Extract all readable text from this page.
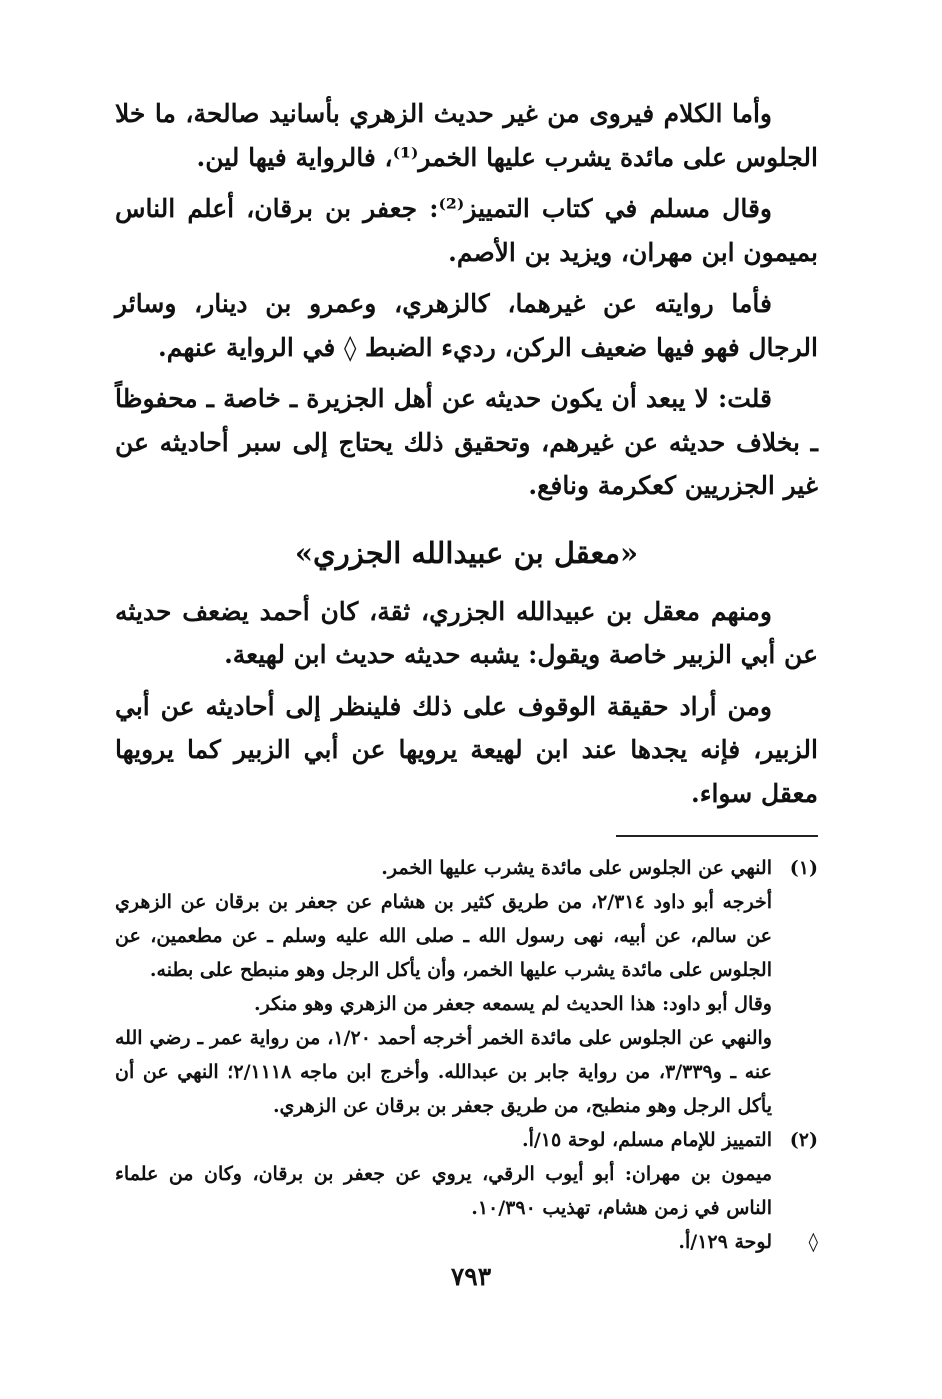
وأما الكلام فيروى من غير حديث الزهري بأسانيد صالحة، ما خلا الجلوس على مائدة يشرب عليها الخمر⁽¹⁾، فالرواية فيها لين.

وقال مسلم في كتاب التمييز⁽²⁾: جعفر بن برقان، أعلم الناس بميمون ابن مهران، ويزيد بن الأصم.

فأما روايته عن غيرهما، كالزهري، وعمرو بن دينار، وسائر الرجال فهو فيها ضعيف الركن، رديء الضبط ◊ في الرواية عنهم.

قلت: لا يبعد أن يكون حديثه عن أهل الجزيرة ـ خاصة ـ محفوظاً ـ بخلاف حديثه عن غيرهم، وتحقيق ذلك يحتاج إلى سبر أحاديثه عن غير الجزريين كعكرمة ونافع.

«معقل بن عبيدالله الجزري»

ومنهم معقل بن عبيدالله الجزري، ثقة، كان أحمد يضعف حديثه عن أبي الزبير خاصة ويقول: يشبه حديثه حديث ابن لهيعة.

ومن أراد حقيقة الوقوف على ذلك فلينظر إلى أحاديثه عن أبي الزبير، فإنه يجدها عند ابن لهيعة يرويها عن أبي الزبير كما يرويها معقل سواء.

(١)النهي عن الجلوس على مائدة يشرب عليها الخمر.

أخرجه أبو داود ٢/٣١٤، من طريق كثير بن هشام عن جعفر بن برقان عن الزهري عن سالم، عن أبيه، نهى رسول الله ـ صلى الله عليه وسلم ـ عن مطعمين، عن الجلوس على مائدة يشرب عليها الخمر، وأن يأكل الرجل وهو منبطح على بطنه.

وقال أبو داود: هذا الحديث لم يسمعه جعفر من الزهري وهو منكر.

والنهي عن الجلوس على مائدة الخمر أخرجه أحمد ١/٢٠، من رواية عمر ـ رضي الله عنه ـ و٣/٣٣٩، من رواية جابر بن عبدالله. وأخرج ابن ماجه ٢/١١١٨؛ النهي عن أن يأكل الرجل وهو منطبح، من طريق جعفر بن برقان عن الزهري.

(٢)التمييز للإمام مسلم، لوحة ١٥/أ.

ميمون بن مهران: أبو أيوب الرقي، يروي عن جعفر بن برقان، وكان من علماء الناس في زمن هشام، تهذيب ١٠/٣٩٠.

◊لوحة ١٢٩/أ.

٧٩٣
